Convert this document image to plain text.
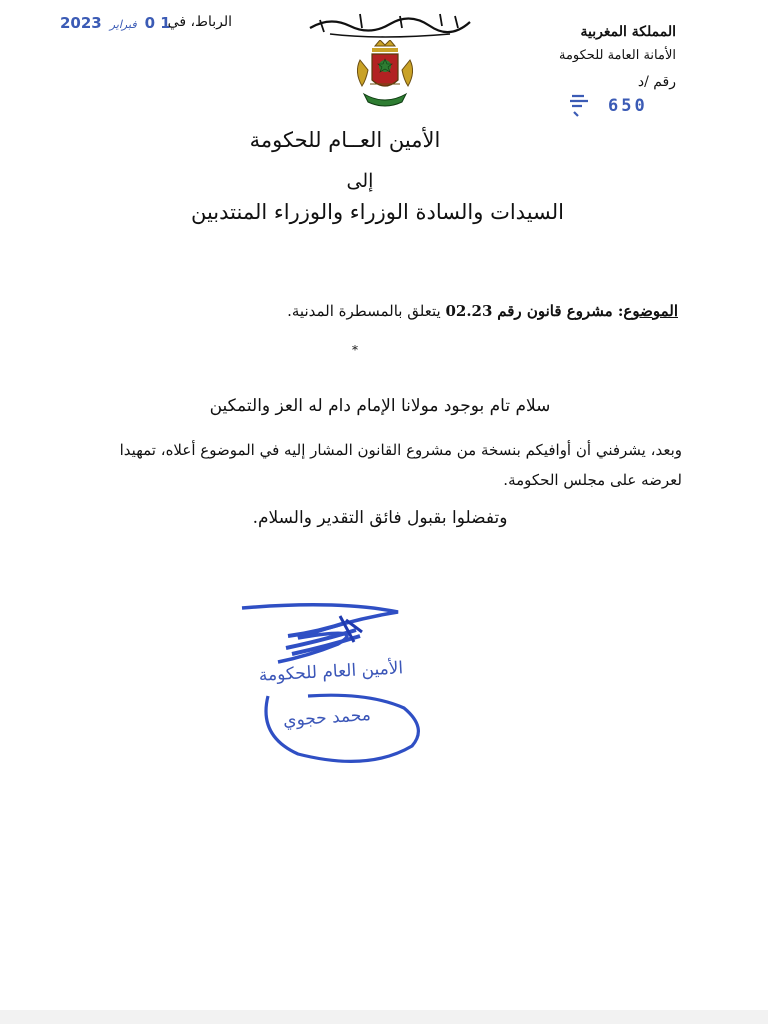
2023 فبراير 0 1
الرباط، في
المملكة المغربية
الأمانة العامة للحكومة
رقم /د
650
الأمين العــام للحكومة
إلى
السيدات والسادة الوزراء والوزراء المنتدبين
الموضوع: مشروع قانون رقم 02.23 يتعلق بالمسطرة المدنية.
*
سلام تام بوجود مولانا الإمام دام له العز والتمكين
وبعد، يشرفني أن أوافيكم بنسخة من مشروع القانون المشار إليه في الموضوع أعلاه، تمهيدا لعرضه على مجلس الحكومة.
وتفضلوا بقبول فائق التقدير والسلام.
الأمين العام للحكومة
محمد حجوي
